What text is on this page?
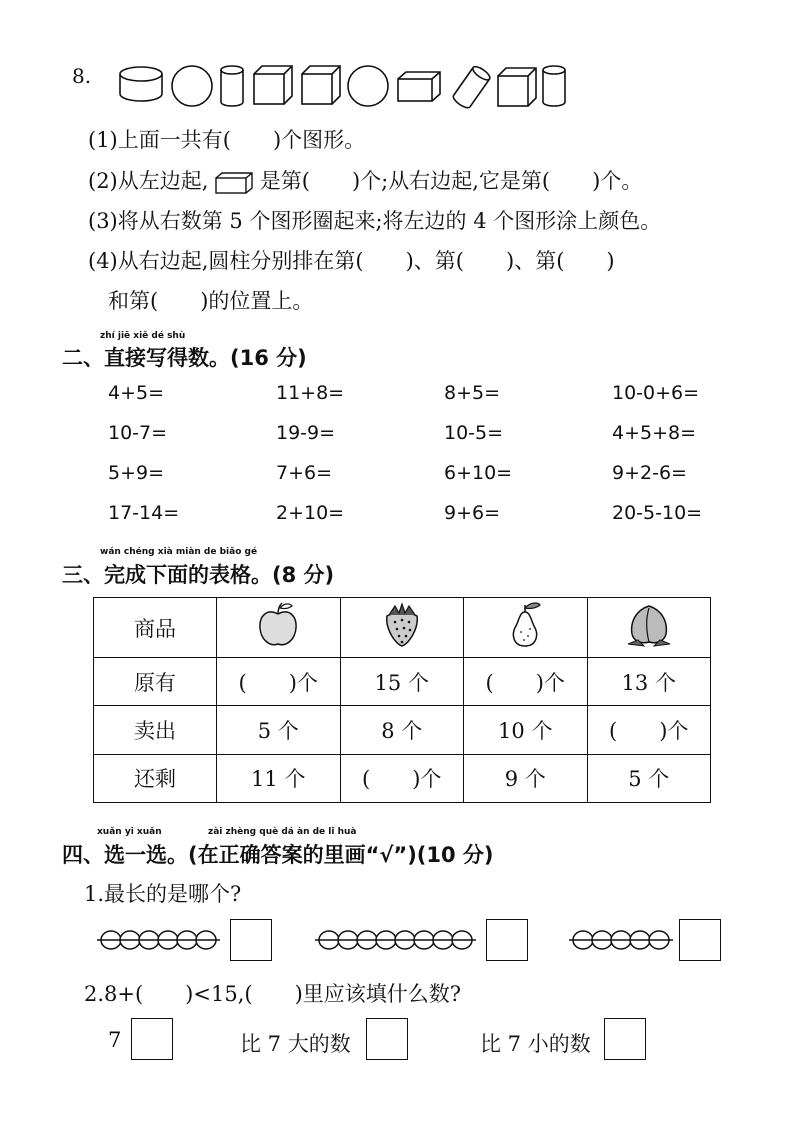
8.
(1)上面一共有(　　)个图形。
(2)从左边起, 是第(　　)个;从右边起,它是第(　　)个。
(3)将从右数第 5 个图形圈起来;将左边的 4 个图形涂上颜色。
(4)从右边起,圆柱分别排在第(　　)、第(　　)、第(　　)
和第(　　)的位置上。
zhí jiē xiě dé shù
二、直接写得数。(16 分)
4+5=	11+8=	8+5=	10-0+6=
10-7=	19-9=	10-5=	4+5+8=
5+9=	7+6=	6+10=	9+2-6=
17-14=	2+10=	9+6=	20-5-10=
wán chéng xià miàn de biǎo gé
三、完成下面的表格。(8 分)
商品				
原有	(　　)个	15 个	(　　)个	13 个
卖出	5 个	8 个	10 个	(　　)个
还剩	11 个	(　　)个	9 个	5 个
xuǎn yi xuǎn	zài zhèng què dá àn de lǐ huà
四、选一选。(在正确答案的里画“√”)(10 分)
1.最长的是哪个?
2.8+(　　)<15,(　　)里应该填什么数?
7	比 7 大的数	比 7 小的数
